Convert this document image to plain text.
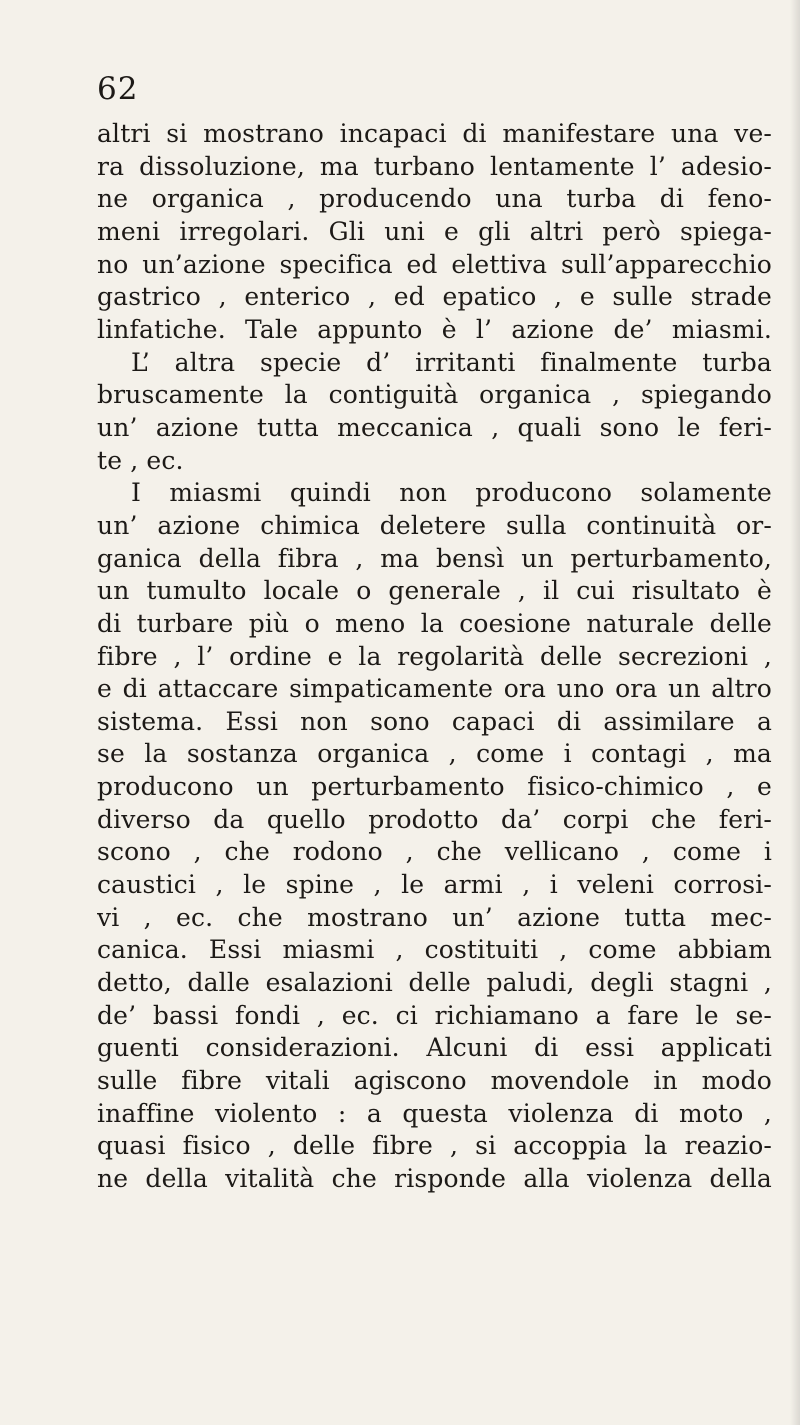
62
altri si mostrano incapaci di manifestare una ve-
ra dissoluzione, ma turbano lentamente l’ adesio-
ne organica , producendo una turba di feno-
meni irregolari. Gli uni e gli altri però spiega-
no un’azione specifica ed elettiva sull’apparecchio
gastrico , enterico , ed epatico , e sulle strade
linfatiche. Tale appunto è l’ azione de’ miasmi.
L’ altra specie d’ irritanti finalmente turba
bruscamente la contiguità organica , spiegando
un’ azione tutta meccanica , quali sono le feri-
te , ec.
I miasmi quindi non producono solamente
un’ azione chimica deletere sulla continuità or-
ganica della fibra , ma bensì un perturbamento,
un tumulto locale o generale , il cui risultato è
di turbare più o meno la coesione naturale delle
fibre , l’ ordine e la regolarità delle secrezioni ,
e di attaccare simpaticamente ora uno ora un altro
sistema. Essi non sono capaci di assimilare a
se la sostanza organica , come i contagi , ma
producono un perturbamento fisico-chimico , e
diverso da quello prodotto da’ corpi che feri-
scono , che rodono , che vellicano , come i
caustici , le spine , le armi , i veleni corrosi-
vi , ec. che mostrano un’ azione tutta mec-
canica. Essi miasmi , costituiti , come abbiam
detto, dalle esalazioni delle paludi, degli stagni ,
de’ bassi fondi , ec. ci richiamano a fare le se-
guenti considerazioni. Alcuni di essi applicati
sulle fibre vitali agiscono movendole in modo
inaffine violento : a questa violenza di moto ,
quasi fisico , delle fibre , si accoppia la reazio-
ne della vitalità che risponde alla violenza della
